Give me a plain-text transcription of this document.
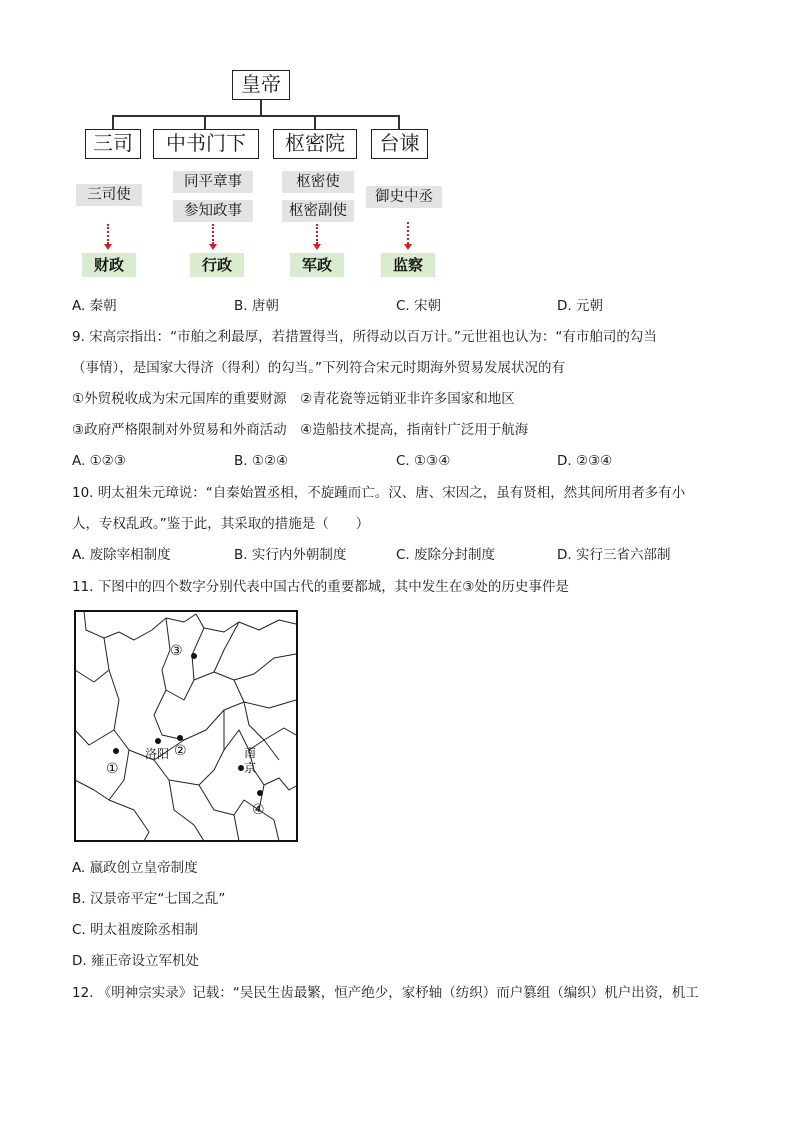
皇帝
三司	中书门下	枢密院	台谏
三司使
同平章事
参知政事
枢密使
枢密副使
御史中丞
财政	行政	军政	监察
A. 秦朝	B. 唐朝	C. 宋朝	D. 元朝
9. 宋高宗指出：“市舶之利最厚，若措置得当，所得动以百万计。”元世祖也认为：“有市舶司的勾当
（事情），是国家大得济（得利）的勾当。”下列符合宋元时期海外贸易发展状况的有
①外贸税收成为宋元国库的重要财源　②青花瓷等远销亚非许多国家和地区
③政府严格限制对外贸易和外商活动　④造船技术提高，指南针广泛用于航海
A. ①②③	B. ①②④	C. ①③④	D. ②③④
10. 明太祖朱元璋说：“自秦始置丞相，不旋踵而亡。汉、唐、宋因之，虽有贤相，然其间所用者多有小
人，专权乱政。”鉴于此，其采取的措施是（　　）
A. 废除宰相制度	B. 实行内外朝制度	C. 废除分封制度	D. 实行三省六部制
11. 下图中的四个数字分别代表中国古代的重要都城，其中发生在③处的历史事件是
③
①
洛阳 ②	南
京
④
A. 嬴政创立皇帝制度
B. 汉景帝平定“七国之乱”
C. 明太祖废除丞相制
D. 雍正帝设立军机处
12. 《明神宗实录》记载：“吴民生齿最繁，恒产绝少，家杼轴（纺织）而户篡组（编织）机户出资，机工
